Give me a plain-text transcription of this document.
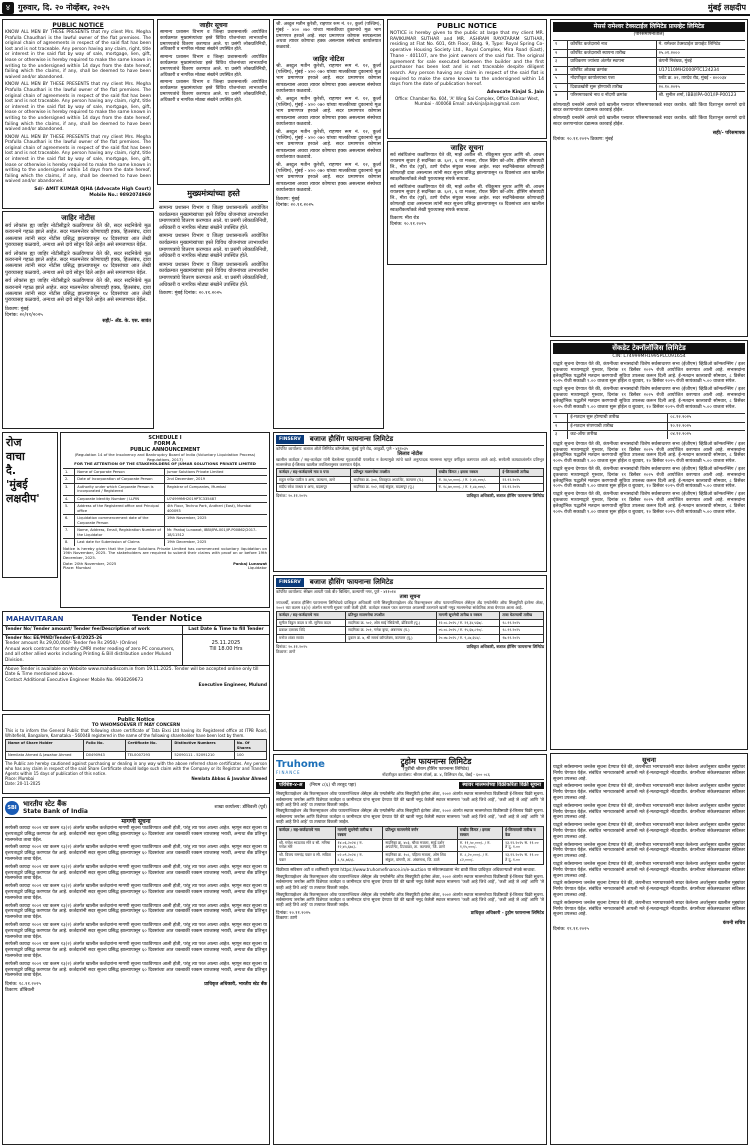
४ गुरुवार, दि. २० नोव्हेंबर, २०२५	मुंबई लक्षदीप
PUBLIC NOTICE
KNOW ALL MEN BY THESE PRESENTS that my client Mrs. Megha Prafulla Chaudhari is the lawful owner of the flat premises. The original chain of agreements in respect of the said flat has been lost and is not traceable. Any person having any claim, right, title or interest in the said flat by way of sale, mortgage, lien, gift, lease or otherwise is hereby required to make the same known in writing to the undersigned within 14 days from the date hereof, failing which the claims, if any, shall be deemed to have been waived and/or abandoned.
KNOW ALL MEN BY THESE PRESENTS that my client Mrs. Megha Prafulla Chaudhari is the lawful owner of the flat premises. The original chain of agreements in respect of the said flat has been lost and is not traceable. Any person having any claim, right, title or interest in the said flat by way of sale, mortgage, lien, gift, lease or otherwise is hereby required to make the same known in writing to the undersigned within 14 days from the date hereof, failing which the claims, if any, shall be deemed to have been waived and/or abandoned.
KNOW ALL MEN BY THESE PRESENTS that my client Mrs. Megha Prafulla Chaudhari is the lawful owner of the flat premises. The original chain of agreements in respect of the said flat has been lost and is not traceable. Any person having any claim, right, title or interest in the said flat by way of sale, mortgage, lien, gift, lease or otherwise is hereby required to make the same known in writing to the undersigned within 14 days from the date hereof, failing which the claims, if any, shall be deemed to have been waived and/or abandoned.
Sd/- AMIT KUMAR OJHA (Advocate High Court)
Mobile No.: 9892074969
जाहिर नोटीस
सर्व लोकांस ह्या जाहिर नोटीसीद्वारे कळविण्यात येते की, सदर सदनिकेचे मूळ करारनामे गहाळ झाले आहेत. सदर मालमत्तेवर कोणाचाही हक्क, हितसंबंध, दावा असल्यास त्यांनी सदर नोटीस प्रसिद्ध झाल्यापासून १४ दिवसांच्या आत लेखी पुराव्यासह कळवावे, अन्यथा असे दावे सोडून दिले आहेत असे समजण्यात येईल.
सर्व लोकांस ह्या जाहिर नोटीसीद्वारे कळविण्यात येते की, सदर सदनिकेचे मूळ करारनामे गहाळ झाले आहेत. सदर मालमत्तेवर कोणाचाही हक्क, हितसंबंध, दावा असल्यास त्यांनी सदर नोटीस प्रसिद्ध झाल्यापासून १४ दिवसांच्या आत लेखी पुराव्यासह कळवावे, अन्यथा असे दावे सोडून दिले आहेत असे समजण्यात येईल.
सर्व लोकांस ह्या जाहिर नोटीसीद्वारे कळविण्यात येते की, सदर सदनिकेचे मूळ करारनामे गहाळ झाले आहेत. सदर मालमत्तेवर कोणाचाही हक्क, हितसंबंध, दावा असल्यास त्यांनी सदर नोटीस प्रसिद्ध झाल्यापासून १४ दिवसांच्या आत लेखी पुराव्यासह कळवावे, अन्यथा असे दावे सोडून दिले आहेत असे समजण्यात येईल.
ठिकाण: मुंबई
दिनांक: २०/११/२०२५
सही/- ॲड. के. एस. सावंत
जाहीर सूचना
सामान्य प्रशासन विभाग व जिल्हा प्रशासनातर्फे आयोजित कार्यक्रमात मुख्यमंत्र्यांच्या हस्ते विविध योजनांच्या लाभार्थ्यांना प्रमाणपत्रांचे वितरण करण्यात आले. या प्रसंगी लोकप्रतिनिधी, अधिकारी व नागरिक मोठ्या संख्येने उपस्थित होते.
सामान्य प्रशासन विभाग व जिल्हा प्रशासनातर्फे आयोजित कार्यक्रमात मुख्यमंत्र्यांच्या हस्ते विविध योजनांच्या लाभार्थ्यांना प्रमाणपत्रांचे वितरण करण्यात आले. या प्रसंगी लोकप्रतिनिधी, अधिकारी व नागरिक मोठ्या संख्येने उपस्थित होते.
सामान्य प्रशासन विभाग व जिल्हा प्रशासनातर्फे आयोजित कार्यक्रमात मुख्यमंत्र्यांच्या हस्ते विविध योजनांच्या लाभार्थ्यांना प्रमाणपत्रांचे वितरण करण्यात आले. या प्रसंगी लोकप्रतिनिधी, अधिकारी व नागरिक मोठ्या संख्येने उपस्थित होते.
मुख्यमंत्र्यांच्या हस्ते
सामान्य प्रशासन विभाग व जिल्हा प्रशासनातर्फे आयोजित कार्यक्रमात मुख्यमंत्र्यांच्या हस्ते विविध योजनांच्या लाभार्थ्यांना प्रमाणपत्रांचे वितरण करण्यात आले. या प्रसंगी लोकप्रतिनिधी, अधिकारी व नागरिक मोठ्या संख्येने उपस्थित होते.
सामान्य प्रशासन विभाग व जिल्हा प्रशासनातर्फे आयोजित कार्यक्रमात मुख्यमंत्र्यांच्या हस्ते विविध योजनांच्या लाभार्थ्यांना प्रमाणपत्रांचे वितरण करण्यात आले. या प्रसंगी लोकप्रतिनिधी, अधिकारी व नागरिक मोठ्या संख्येने उपस्थित होते.
सामान्य प्रशासन विभाग व जिल्हा प्रशासनातर्फे आयोजित कार्यक्रमात मुख्यमंत्र्यांच्या हस्ते विविध योजनांच्या लाभार्थ्यांना प्रमाणपत्रांचे वितरण करण्यात आले. या प्रसंगी लोकप्रतिनिधी, अधिकारी व नागरिक मोठ्या संख्येने उपस्थित होते.
ठिकाण: मुंबई दिनांक: २०.११.२०२५
श्री. अब्दुल मतीन कुरेशी, राहणार रूम नं. १२, कुर्ला (पश्चिम), मुंबई - ४०० ०७० यांच्या मालकीच्या दुकानाचे मूळ भाग प्रमाणपत्र हरवले आहे. सदर प्रमाणपत्र कोणास सापडल्यास अथवा त्यावर कोणाचा हक्क असल्यास संस्थेच्या कार्यालयात कळवावे.
जाहिर नोटिस
श्री. अब्दुल मतीन कुरेशी, राहणार रूम नं. १२, कुर्ला (पश्चिम), मुंबई - ४०० ०७० यांच्या मालकीच्या दुकानाचे मूळ भाग प्रमाणपत्र हरवले आहे. सदर प्रमाणपत्र कोणास सापडल्यास अथवा त्यावर कोणाचा हक्क असल्यास संस्थेच्या कार्यालयात कळवावे.
श्री. अब्दुल मतीन कुरेशी, राहणार रूम नं. १२, कुर्ला (पश्चिम), मुंबई - ४०० ०७० यांच्या मालकीच्या दुकानाचे मूळ भाग प्रमाणपत्र हरवले आहे. सदर प्रमाणपत्र कोणास सापडल्यास अथवा त्यावर कोणाचा हक्क असल्यास संस्थेच्या कार्यालयात कळवावे.
श्री. अब्दुल मतीन कुरेशी, राहणार रूम नं. १२, कुर्ला (पश्चिम), मुंबई - ४०० ०७० यांच्या मालकीच्या दुकानाचे मूळ भाग प्रमाणपत्र हरवले आहे. सदर प्रमाणपत्र कोणास सापडल्यास अथवा त्यावर कोणाचा हक्क असल्यास संस्थेच्या कार्यालयात कळवावे.
श्री. अब्दुल मतीन कुरेशी, राहणार रूम नं. १२, कुर्ला (पश्चिम), मुंबई - ४०० ०७० यांच्या मालकीच्या दुकानाचे मूळ भाग प्रमाणपत्र हरवले आहे. सदर प्रमाणपत्र कोणास सापडल्यास अथवा त्यावर कोणाचा हक्क असल्यास संस्थेच्या कार्यालयात कळवावे.
ठिकाण: मुंबई
दिनांक: २०.११.२०२५
PUBLIC NOTICE
NOTICE is hereby given to the public at large that my client MR. RAVIKUMAR SUTHAR and MR. ASHRAM RAYATARAM SUTHAR, residing at Flat No. 601, 6th Floor, Bldg. 9, Type: Royal Spring Co-operative Housing Society Ltd., Royal Complex, Mira Road (East), Thane - 401107, are the joint owners of the said flat. The original agreement for sale executed between the builder and the first purchaser has been lost and is not traceable despite diligent search. Any person having any claim in respect of the said flat is required to make the same known to the undersigned within 14 days from the date of publication hereof.
Advocate Kinjal S. Jain
Office: Chamber No. 604, 'A' Wing Sai Complex, Office Dahisar West, Mumbai - 400068 Email: advkinjaljain@gmail.com
जाहिर सूचना
सर्व संबंधितांना कळविण्यात येते की, माझे अशील श्री. रविकुमार सुथार आणि श्री. आश्रम रायतराम सुथार हे सदनिका क्र. ६०१, ६ वा मजला, रॉयल स्प्रिंग को-ऑप. हौसिंग सोसायटी लि., मीरा रोड (पूर्व), ठाणे येथील संयुक्त मालक आहेत. सदर सदनिकेबाबत कोणाचाही कोणताही दावा असल्यास त्यांनी सदर सूचना प्रसिद्ध झाल्यापासून १४ दिवसांच्या आत खालील स्वाक्षरीकर्त्यांकडे लेखी पुराव्यासह संपर्क साधावा.
सर्व संबंधितांना कळविण्यात येते की, माझे अशील श्री. रविकुमार सुथार आणि श्री. आश्रम रायतराम सुथार हे सदनिका क्र. ६०१, ६ वा मजला, रॉयल स्प्रिंग को-ऑप. हौसिंग सोसायटी लि., मीरा रोड (पूर्व), ठाणे येथील संयुक्त मालक आहेत. सदर सदनिकेबाबत कोणाचाही कोणताही दावा असल्यास त्यांनी सदर सूचना प्रसिद्ध झाल्यापासून १४ दिवसांच्या आत खालील स्वाक्षरीकर्त्यांकडे लेखी पुराव्यासह संपर्क साधावा.
ठिकाण: मीरा रोड
दिनांक: २०.११.२०२५
मेसर्स रामेश्वर टेक्सटाईल लिमिटेड प्रायव्हेट लिमिटेड
(परिसमापनातील)
१	कॉर्पोरेट कर्जदाराचे नाव	मे. रामेश्वर टेक्सटाईल प्रायव्हेट लिमिटेड
२	कॉर्पोरेट कर्जदाराची स्थापना तारीख	२५.०१.२०००
३	प्राधिकरण ज्यांच्या अंतर्गत स्थापना	कंपनी निबंधक, मुंबई
४	कॉर्पोरेट ओळख क्रमांक	U17110MH2000PTC124234
५	नोंदणीकृत कार्यालयाचा पत्ता	प्लॉट क्र. ४२, तारदेव रोड, मुंबई - ४०००३४
६	दिवाळखोरी सुरू होण्याची तारीख	२०.१०.२०२५
७	परिसमापकाचे नाव व नोंदणी क्रमांक	श्री. सुनील शर्मा, IBBI/IPA-001/IP-P00123
कोणत्याही धनकोने आपले दावे खालील पत्त्यावर परिसमापकाकडे सादर करावेत. खोटे किंवा दिशाभूल करणारे दावे सादर करणाऱ्यांवर दंडात्मक कारवाई होईल.
कोणत्याही धनकोने आपले दावे खालील पत्त्यावर परिसमापकाकडे सादर करावेत. खोटे किंवा दिशाभूल करणारे दावे सादर करणाऱ्यांवर दंडात्मक कारवाई होईल.
सही/- परिसमापक
दिनांक: २०.११.२०२५ ठिकाण: मुंबई
सेंकडेट टेक्नॉलॉजिस लिमिटेड
CIN: L74999MH1995PLC091654
याद्वारे सूचना देण्यात येते की, कंपनीच्या सभासदांची विशेष सर्वसाधारण सभा (ईजीएम) व्हिडिओ कॉन्फरन्सिंग / इतर दृकश्राव्य माध्यमाद्वारे गुरुवार, दिनांक ११ डिसेंबर २०२५ रोजी आयोजित करण्यात आली आहे. सभासदांना इलेक्ट्रॉनिक पद्धतीने मतदान करण्याची सुविधा उपलब्ध करून दिली आहे. ई-मतदान कालावधी सोमवार, ८ डिसेंबर २०२५ रोजी सकाळी ९.०० वाजता सुरू होईल व बुधवार, १० डिसेंबर २०२५ रोजी सायंकाळी ५.०० वाजता संपेल.
याद्वारे सूचना देण्यात येते की, कंपनीच्या सभासदांची विशेष सर्वसाधारण सभा (ईजीएम) व्हिडिओ कॉन्फरन्सिंग / इतर दृकश्राव्य माध्यमाद्वारे गुरुवार, दिनांक ११ डिसेंबर २०२५ रोजी आयोजित करण्यात आली आहे. सभासदांना इलेक्ट्रॉनिक पद्धतीने मतदान करण्याची सुविधा उपलब्ध करून दिली आहे. ई-मतदान कालावधी सोमवार, ८ डिसेंबर २०२५ रोजी सकाळी ९.०० वाजता सुरू होईल व बुधवार, १० डिसेंबर २०२५ रोजी सायंकाळी ५.०० वाजता संपेल.
१	ई-मतदान सुरू होण्याची तारीख	०८.१२.२०२५
२	ई-मतदान संपण्याची तारीख	१०.१२.२०२५
३	कट-ऑफ तारीख	०४.१२.२०२५
याद्वारे सूचना देण्यात येते की, कंपनीच्या सभासदांची विशेष सर्वसाधारण सभा (ईजीएम) व्हिडिओ कॉन्फरन्सिंग / इतर दृकश्राव्य माध्यमाद्वारे गुरुवार, दिनांक ११ डिसेंबर २०२५ रोजी आयोजित करण्यात आली आहे. सभासदांना इलेक्ट्रॉनिक पद्धतीने मतदान करण्याची सुविधा उपलब्ध करून दिली आहे. ई-मतदान कालावधी सोमवार, ८ डिसेंबर २०२५ रोजी सकाळी ९.०० वाजता सुरू होईल व बुधवार, १० डिसेंबर २०२५ रोजी सायंकाळी ५.०० वाजता संपेल.
याद्वारे सूचना देण्यात येते की, कंपनीच्या सभासदांची विशेष सर्वसाधारण सभा (ईजीएम) व्हिडिओ कॉन्फरन्सिंग / इतर दृकश्राव्य माध्यमाद्वारे गुरुवार, दिनांक ११ डिसेंबर २०२५ रोजी आयोजित करण्यात आली आहे. सभासदांना इलेक्ट्रॉनिक पद्धतीने मतदान करण्याची सुविधा उपलब्ध करून दिली आहे. ई-मतदान कालावधी सोमवार, ८ डिसेंबर २०२५ रोजी सकाळी ९.०० वाजता सुरू होईल व बुधवार, १० डिसेंबर २०२५ रोजी सायंकाळी ५.०० वाजता संपेल.
याद्वारे सूचना देण्यात येते की, कंपनीच्या सभासदांची विशेष सर्वसाधारण सभा (ईजीएम) व्हिडिओ कॉन्फरन्सिंग / इतर दृकश्राव्य माध्यमाद्वारे गुरुवार, दिनांक ११ डिसेंबर २०२५ रोजी आयोजित करण्यात आली आहे. सभासदांना इलेक्ट्रॉनिक पद्धतीने मतदान करण्याची सुविधा उपलब्ध करून दिली आहे. ई-मतदान कालावधी सोमवार, ८ डिसेंबर २०२५ रोजी सकाळी ९.०० वाजता सुरू होईल व बुधवार, १० डिसेंबर २०२५ रोजी सायंकाळी ५.०० वाजता संपेल.
सूचना
याद्वारे सर्वसामान्य जनतेस सूचना देण्यात येते की, कंपनीच्या भागधारकांनी सादर केलेल्या अर्जानुसार खालील मुद्द्यांवर निर्णय घेण्यात येईल. संबंधित भागधारकांनी आपली मते ई-मतदानाद्वारे नोंदवावीत. कंपनीच्या संकेतस्थळावर सविस्तर सूचना उपलब्ध आहे.
याद्वारे सर्वसामान्य जनतेस सूचना देण्यात येते की, कंपनीच्या भागधारकांनी सादर केलेल्या अर्जानुसार खालील मुद्द्यांवर निर्णय घेण्यात येईल. संबंधित भागधारकांनी आपली मते ई-मतदानाद्वारे नोंदवावीत. कंपनीच्या संकेतस्थळावर सविस्तर सूचना उपलब्ध आहे.
याद्वारे सर्वसामान्य जनतेस सूचना देण्यात येते की, कंपनीच्या भागधारकांनी सादर केलेल्या अर्जानुसार खालील मुद्द्यांवर निर्णय घेण्यात येईल. संबंधित भागधारकांनी आपली मते ई-मतदानाद्वारे नोंदवावीत. कंपनीच्या संकेतस्थळावर सविस्तर सूचना उपलब्ध आहे.
याद्वारे सर्वसामान्य जनतेस सूचना देण्यात येते की, कंपनीच्या भागधारकांनी सादर केलेल्या अर्जानुसार खालील मुद्द्यांवर निर्णय घेण्यात येईल. संबंधित भागधारकांनी आपली मते ई-मतदानाद्वारे नोंदवावीत. कंपनीच्या संकेतस्थळावर सविस्तर सूचना उपलब्ध आहे.
याद्वारे सर्वसामान्य जनतेस सूचना देण्यात येते की, कंपनीच्या भागधारकांनी सादर केलेल्या अर्जानुसार खालील मुद्द्यांवर निर्णय घेण्यात येईल. संबंधित भागधारकांनी आपली मते ई-मतदानाद्वारे नोंदवावीत. कंपनीच्या संकेतस्थळावर सविस्तर सूचना उपलब्ध आहे.
याद्वारे सर्वसामान्य जनतेस सूचना देण्यात येते की, कंपनीच्या भागधारकांनी सादर केलेल्या अर्जानुसार खालील मुद्द्यांवर निर्णय घेण्यात येईल. संबंधित भागधारकांनी आपली मते ई-मतदानाद्वारे नोंदवावीत. कंपनीच्या संकेतस्थळावर सविस्तर सूचना उपलब्ध आहे.
याद्वारे सर्वसामान्य जनतेस सूचना देण्यात येते की, कंपनीच्या भागधारकांनी सादर केलेल्या अर्जानुसार खालील मुद्द्यांवर निर्णय घेण्यात येईल. संबंधित भागधारकांनी आपली मते ई-मतदानाद्वारे नोंदवावीत. कंपनीच्या संकेतस्थळावर सविस्तर सूचना उपलब्ध आहे.
याद्वारे सर्वसामान्य जनतेस सूचना देण्यात येते की, कंपनीच्या भागधारकांनी सादर केलेल्या अर्जानुसार खालील मुद्द्यांवर निर्णय घेण्यात येईल. संबंधित भागधारकांनी आपली मते ई-मतदानाद्वारे नोंदवावीत. कंपनीच्या संकेतस्थळावर सविस्तर सूचना उपलब्ध आहे.
कंपनी सचिव
दिनांक: १९.११.२०२५
रोज
वाचा
दै.
'मुंबई
लक्षदीप'
SCHEDULE I
FORM A
PUBLIC ANNOUNCEMENT
(Regulation 14 of the Insolvency and Bankruptcy Board of India (Voluntary Liquidation Process) Regulations, 2017)
FOR THE ATTENTION OF THE STAKEHOLDERS OF JUMAR SOLUTIONS PRIVATE LIMITED
1.	Name of Corporate Person	Jumar Solutions Private Limited
2.	Date of Incorporation of Corporate Person	2nd December, 2019
3.	Authority under which Corporate Person is incorporated / Registered
Registrar of Companies, Mumbai
4.	Corporate Identity Number / LLPIN	U74999MH2019PTC335487
5.	Address of the Registered office and Principal office
4th Floor, Techno Park, Andheri (East), Mumbai 400093
6.	Liquidation commencement date of the Corporate Person
19th November, 2025
7.	Name, Address, Email, Registration Number of the Liquidator
Mr. Pankaj Lunawat, IBBI/IPA-001/IP-P00862/2017-18/11512
8.	Last date for Submission of Claims	19th December, 2025
Notice is hereby given that the Jumar Solutions Private Limited has commenced voluntary liquidation on 19th November, 2025. The stakeholders are required to submit their claims with proof on or before 19th December, 2025.
Date: 20th November, 2025
Place: Mumbai
Pankaj Lunawat
Liquidator
MAHAVITARAN	Tender Notice
Tender No/ Tender amount/ Tender fee/Description of work	Last Date & Time to fill Tender
Tender No: EE/MND/Tender/E-8/2025-26
Tender amount Rs 29,00,000/- Tender fee Rs 2950/- (Online)
Annual work contract for monthly CMRI meter reading of zero PC consumers, and all other allied works including Printing & Bill distribution under Mulund Division.
25.11.2025
Till 18.00 Hrs
Above Tender is available on Website www.mahadiscom.in from 19.11.2025. Tender will be accepted online only till Date & Time mentioned above.
Contact Additional Executive Engineer Mobile No. 9930269673
Executive Engineer, Mulund
Public Notice
TO WHOMSOEVER IT MAY CONCERN
This is to inform the General Public that following share certificate of Tata Elxsi Ltd having its Registered office at ITPB Road, Whitefield, Bangalore, Karnataka - 560048 registered in the name of the following shareholder have been lost by them.
Name of Share Holder	Folio No.	Certificate No.	Distinctive Numbers	No. Of Shares
Nemilata Ahmed & Jawahar Ahmed	D0490943	TEL0007293	52090111 - 52091210	100
The Public are hereby cautioned against purchasing or dealing in any way with the above referred share certificates. Any person who has any claim in respect of the said Share Certificate should lodge such claim with the Company or its Registrar and Transfer Agents within 15 days of publication of this notice.
Place: Mumbai
Date: 20-11-2025
Nemlata Abbas & Jawahar Ahmed
SBI भारतीय स्टेट बैंक
State Bank of India
शाखा कार्यालय: डोंबिवली (पूर्व)
मागणी सूचना
सरफेसी कायदा २००२ च्या कलम १३(२) अंतर्गत खालील कर्जदारांना मागणी सूचना पाठविण्यात आली होती, परंतु त्या परत आल्या आहेत. म्हणून सदर सूचना या वृत्तपत्राद्वारे प्रसिद्ध करण्यात येत आहे. कर्जदारांनी सदर सूचना प्रसिद्ध झाल्यापासून ६० दिवसांच्या आत थकबाकी रक्कम व्याजासह भरावी, अन्यथा बँक प्रतिभूत मालमत्तेचा ताबा घेईल.
सरफेसी कायदा २००२ च्या कलम १३(२) अंतर्गत खालील कर्जदारांना मागणी सूचना पाठविण्यात आली होती, परंतु त्या परत आल्या आहेत. म्हणून सदर सूचना या वृत्तपत्राद्वारे प्रसिद्ध करण्यात येत आहे. कर्जदारांनी सदर सूचना प्रसिद्ध झाल्यापासून ६० दिवसांच्या आत थकबाकी रक्कम व्याजासह भरावी, अन्यथा बँक प्रतिभूत मालमत्तेचा ताबा घेईल.
सरफेसी कायदा २००२ च्या कलम १३(२) अंतर्गत खालील कर्जदारांना मागणी सूचना पाठविण्यात आली होती, परंतु त्या परत आल्या आहेत. म्हणून सदर सूचना या वृत्तपत्राद्वारे प्रसिद्ध करण्यात येत आहे. कर्जदारांनी सदर सूचना प्रसिद्ध झाल्यापासून ६० दिवसांच्या आत थकबाकी रक्कम व्याजासह भरावी, अन्यथा बँक प्रतिभूत मालमत्तेचा ताबा घेईल.
सरफेसी कायदा २००२ च्या कलम १३(२) अंतर्गत खालील कर्जदारांना मागणी सूचना पाठविण्यात आली होती, परंतु त्या परत आल्या आहेत. म्हणून सदर सूचना या वृत्तपत्राद्वारे प्रसिद्ध करण्यात येत आहे. कर्जदारांनी सदर सूचना प्रसिद्ध झाल्यापासून ६० दिवसांच्या आत थकबाकी रक्कम व्याजासह भरावी, अन्यथा बँक प्रतिभूत मालमत्तेचा ताबा घेईल.
सरफेसी कायदा २००२ च्या कलम १३(२) अंतर्गत खालील कर्जदारांना मागणी सूचना पाठविण्यात आली होती, परंतु त्या परत आल्या आहेत. म्हणून सदर सूचना या वृत्तपत्राद्वारे प्रसिद्ध करण्यात येत आहे. कर्जदारांनी सदर सूचना प्रसिद्ध झाल्यापासून ६० दिवसांच्या आत थकबाकी रक्कम व्याजासह भरावी, अन्यथा बँक प्रतिभूत मालमत्तेचा ताबा घेईल.
सरफेसी कायदा २००२ च्या कलम १३(२) अंतर्गत खालील कर्जदारांना मागणी सूचना पाठविण्यात आली होती, परंतु त्या परत आल्या आहेत. म्हणून सदर सूचना या वृत्तपत्राद्वारे प्रसिद्ध करण्यात येत आहे. कर्जदारांनी सदर सूचना प्रसिद्ध झाल्यापासून ६० दिवसांच्या आत थकबाकी रक्कम व्याजासह भरावी, अन्यथा बँक प्रतिभूत मालमत्तेचा ताबा घेईल.
सरफेसी कायदा २००२ च्या कलम १३(२) अंतर्गत खालील कर्जदारांना मागणी सूचना पाठविण्यात आली होती, परंतु त्या परत आल्या आहेत. म्हणून सदर सूचना या वृत्तपत्राद्वारे प्रसिद्ध करण्यात येत आहे. कर्जदारांनी सदर सूचना प्रसिद्ध झाल्यापासून ६० दिवसांच्या आत थकबाकी रक्कम व्याजासह भरावी, अन्यथा बँक प्रतिभूत मालमत्तेचा ताबा घेईल.
सरफेसी कायदा २००२ च्या कलम १३(२) अंतर्गत खालील कर्जदारांना मागणी सूचना पाठविण्यात आली होती, परंतु त्या परत आल्या आहेत. म्हणून सदर सूचना या वृत्तपत्राद्वारे प्रसिद्ध करण्यात येत आहे. कर्जदारांनी सदर सूचना प्रसिद्ध झाल्यापासून ६० दिवसांच्या आत थकबाकी रक्कम व्याजासह भरावी, अन्यथा बँक प्रतिभूत मालमत्तेचा ताबा घेईल.
दिनांक: १८.११.२०२५
ठिकाण: डोंबिवली
प्राधिकृत अधिकारी, भारतीय स्टेट बँक
FINSERV	बजाज हौसिंग फायनान्स लिमिटेड
कॉर्पोरेट कार्यालय: बजाज ऑटो लिमिटेड कॉम्प्लेक्स, मुंबई पुणे रोड, आकुर्डी, पुणे - ४११०३५
लिलाव नोटीस
खालील कर्जदार / सह-कर्जदार यांनी घेतलेल्या गृहकर्जाची परतफेड न केल्यामुळे त्यांचे खाते अनुत्पादक मालमत्ता म्हणून वर्गीकृत करण्यात आले आहे. सरफेसी कायद्याअंतर्गत प्रतिभूत मालमत्तेचा ई-लिलाव खालील तपशिलानुसार करण्यात येईल.
कर्जदार / सह-कर्जदाराचे नाव व पत्ता	प्रतिभूत मालमत्तेचा तपशील	राखीव किंमत / इसारा रक्कम	ई-लिलावाची तारीख
राहुल गणेश पाटील व अन्य, कल्याण, ठाणे	सदनिका क्र. ३०४, शिवकृपा अपार्टमेंट, कल्याण (प.)	रु. २४,५०,०००/- / रु. २,४५,०००/-	२२.१२.२०२५
संदीप रमेश जाधव व अन्य, बदलापूर	सदनिका क्र. १०२, साई संकुल, बदलापूर (पू.)	रु. १८,७०,०००/- / रु. १,८७,०००/-	२२.१२.२०२५
दिनांक: २०.११.२०२५	प्राधिकृत अधिकारी, बजाज हौसिंग फायनान्स लिमिटेड
FINSERV	बजाज हौसिंग फायनान्स लिमिटेड
कॉर्पोरेट कार्यालय: सेरेब्रम आयटी पार्क बी२ बिल्डिंग, कल्याणी नगर, पुणे - ४११०१४
ताबा सूचना
ज्याअर्थी, बजाज हौसिंग फायनान्स लिमिटेडचे प्राधिकृत अधिकारी यांनी सिक्युरिटायझेशन अँड रिकन्स्ट्रक्शन ऑफ फायनान्शियल ॲसेट्स अँड एन्फोर्समेंट ऑफ सिक्युरिटी इंटरेस्ट ॲक्ट, २००२ च्या कलम १३(२) अंतर्गत मागणी सूचना जारी केली होती. कर्जदार रक्कम परत करण्यात अयशस्वी ठरल्याने खाली नमूद मालमत्तेचा सांकेतिक ताबा घेण्यात आला आहे.
कर्जदार / सह-कर्जदाराचे नाव	प्रतिभूत मालमत्तेचा तपशील	मागणी सूचनेची तारीख व रक्कम	ताबा घेतल्याची तारीख
सुनील विठ्ठल कदम व सौ. सुनिता कदम	सदनिका क्र. ५०२, ओम साई रेसिडेन्सी, डोंबिवली (पू.)	१२.०८.२०२५ / रु. २१,३४,५६७/-	१८.११.२०२५
प्रकाश दत्तात्रय शिंदे	सदनिका क्र. २०१, गणेश कृपा, अंबरनाथ (प.)	०५.०८.२०२५ / रु. १५,६७,८९०/-	१८.११.२०२५
मनोज शंकर सावंत	दुकान क्र. ७, श्री समर्थ कॉम्प्लेक्स, कल्याण (पू.)	२०.०७.२०२५ / रु. ९,८७,६५४/-	१७.११.२०२५
दिनांक: २०.११.२०२५
ठिकाण: ठाणे
प्राधिकृत अधिकारी, बजाज हौसिंग फायनान्स लिमिटेड
Truhome
FINANCE
ट्रुहोम फायनान्स लिमिटेड
(पूर्वीची श्रीराम हौसिंग फायनान्स लिमिटेड)
नोंदणीकृत कार्यालय: श्रीराम टॉवर्स, क्र. ४, विलिंग्डन रोड, चेन्नई - ६०० ०८६
परिशिष्ट-४-अ	(नियम ८(६) ची तरतूद पहा)	स्थावर मालमत्तेच्या विक्रीकरिता विक्री सूचना
सिक्युरिटायझेशन अँड रिकन्स्ट्रक्शन ऑफ फायनान्शियल ॲसेट्स अँड एन्फोर्समेंट ऑफ सिक्युरिटी इंटरेस्ट ॲक्ट, २००२ अंतर्गत स्थावर मालमत्तेच्या विक्रीसाठी ई-लिलाव विक्री सूचना. सर्वसामान्य जनतेस आणि विशेषतः कर्जदार व जामीनदार यांना सूचना देण्यात येते की खाली नमूद केलेली स्थावर मालमत्ता 'जशी आहे जिथे आहे', 'जशी आहे जे आहे' आणि 'जे काही आहे तिथे आहे' या तत्त्वावर विकली जाईल.
सिक्युरिटायझेशन अँड रिकन्स्ट्रक्शन ऑफ फायनान्शियल ॲसेट्स अँड एन्फोर्समेंट ऑफ सिक्युरिटी इंटरेस्ट ॲक्ट, २००२ अंतर्गत स्थावर मालमत्तेच्या विक्रीसाठी ई-लिलाव विक्री सूचना. सर्वसामान्य जनतेस आणि विशेषतः कर्जदार व जामीनदार यांना सूचना देण्यात येते की खाली नमूद केलेली स्थावर मालमत्ता 'जशी आहे जिथे आहे', 'जशी आहे जे आहे' आणि 'जे काही आहे तिथे आहे' या तत्त्वावर विकली जाईल.
कर्जदार / सह-कर्जदाराचे नाव	मागणी सूचनेची तारीख व रक्कम
प्रतिभूत मालमत्तेचे वर्णन	राखीव किंमत / इसारा रक्कम
ई-लिलावाची तारीख व वेळ
श्री. गणेश भाऊराव मोरे व सौ. मनिषा गणेश मोरे
१४.०६.२०२४ / रु. १२,४५,६७८/-
सदनिका क्र. ४०३, चौथा मजला, साई दर्शन अपार्टमेंट, टिटवाळा, ता. कल्याण, जि. ठाणे
रु. ११,५०,०००/- / रु. १,१५,०००/-
२३.१२.२०२५ स. ११.०० ते दु. १.००
श्री. विजय रामचंद्र पवार व सौ. सविता पवार
०२.०९.२०२४ / रु. ८,९८,७६५/-
सदनिका क्र. १०८, पहिला मजला, ओम शिव संकुल, वांगणी, ता. अंबरनाथ, जि. ठाणे
रु. ८,२०,०००/- / रु. ८२,०००/-
२३.१२.२०२५ स. ११.०० ते दु. १.००
विक्रीच्या सविस्तर अटी व शर्तींसाठी कृपया https://www.truhomefinance.in/e-auction या संकेतस्थळाला भेट द्यावी किंवा प्राधिकृत अधिकाऱ्याशी संपर्क साधावा.
सिक्युरिटायझेशन अँड रिकन्स्ट्रक्शन ऑफ फायनान्शियल ॲसेट्स अँड एन्फोर्समेंट ऑफ सिक्युरिटी इंटरेस्ट ॲक्ट, २००२ अंतर्गत स्थावर मालमत्तेच्या विक्रीसाठी ई-लिलाव विक्री सूचना. सर्वसामान्य जनतेस आणि विशेषतः कर्जदार व जामीनदार यांना सूचना देण्यात येते की खाली नमूद केलेली स्थावर मालमत्ता 'जशी आहे जिथे आहे', 'जशी आहे जे आहे' आणि 'जे काही आहे तिथे आहे' या तत्त्वावर विकली जाईल.
सिक्युरिटायझेशन अँड रिकन्स्ट्रक्शन ऑफ फायनान्शियल ॲसेट्स अँड एन्फोर्समेंट ऑफ सिक्युरिटी इंटरेस्ट ॲक्ट, २००२ अंतर्गत स्थावर मालमत्तेच्या विक्रीसाठी ई-लिलाव विक्री सूचना. सर्वसामान्य जनतेस आणि विशेषतः कर्जदार व जामीनदार यांना सूचना देण्यात येते की खाली नमूद केलेली स्थावर मालमत्ता 'जशी आहे जिथे आहे', 'जशी आहे जे आहे' आणि 'जे काही आहे तिथे आहे' या तत्त्वावर विकली जाईल.
दिनांक: २०.११.२०२५
ठिकाण: ठाणे
प्राधिकृत अधिकारी - ट्रुहोम फायनान्स लिमिटेड
